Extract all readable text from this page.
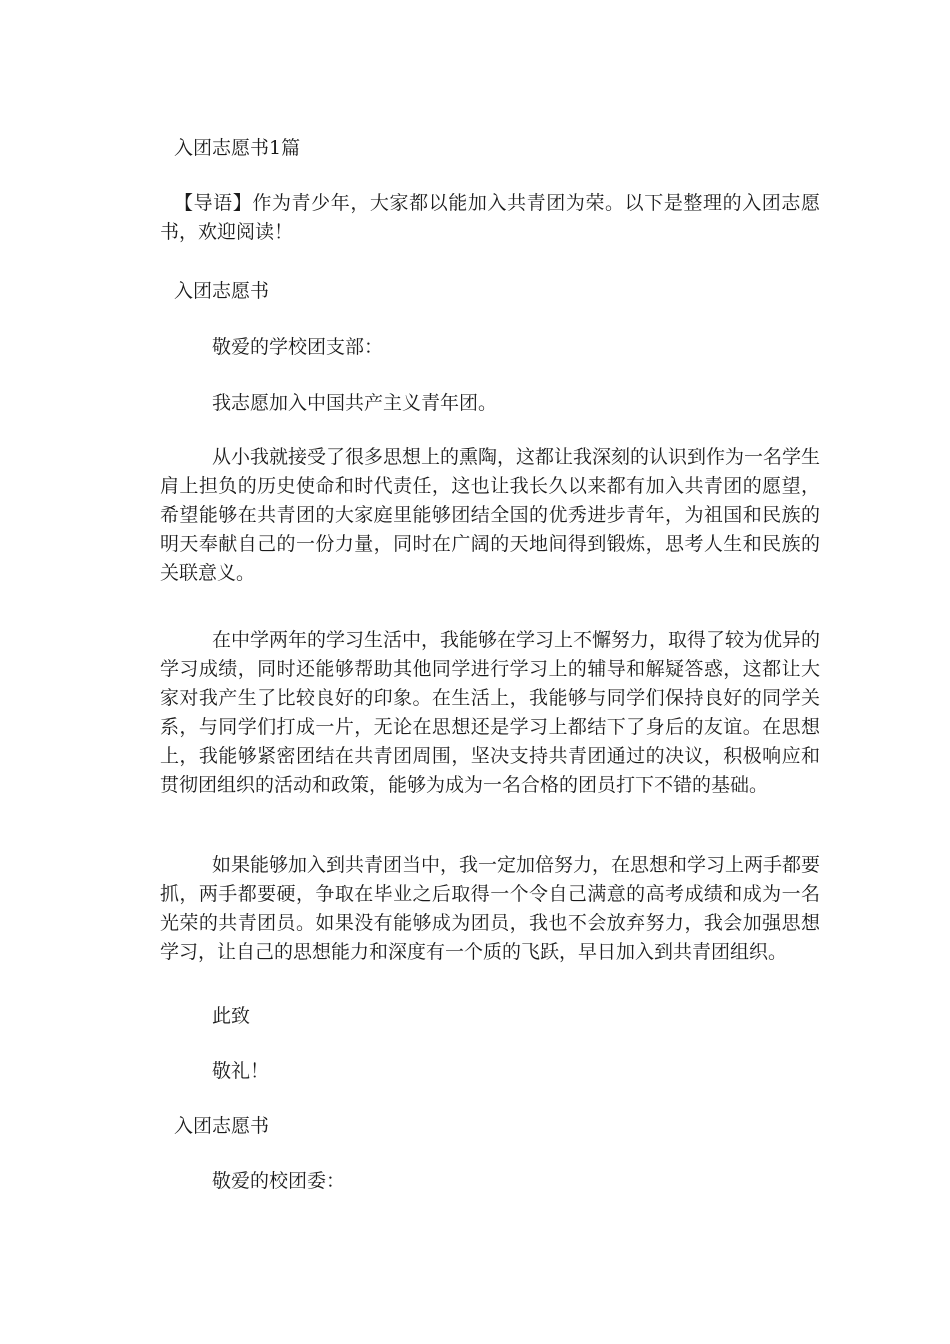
入团志愿书1篇
【导语】作为青少年，大家都以能加入共青团为荣。以下是整理的入团志愿书，欢迎阅读！
入团志愿书
敬爱的学校团支部：
我志愿加入中国共产主义青年团。
从小我就接受了很多思想上的熏陶，这都让我深刻的认识到作为一名学生肩上担负的历史使命和时代责任，这也让我长久以来都有加入共青团的愿望，希望能够在共青团的大家庭里能够团结全国的优秀进步青年，为祖国和民族的明天奉献自己的一份力量，同时在广阔的天地间得到锻炼，思考人生和民族的关联意义。
在中学两年的学习生活中，我能够在学习上不懈努力，取得了较为优异的学习成绩，同时还能够帮助其他同学进行学习上的辅导和解疑答惑，这都让大家对我产生了比较良好的印象。在生活上，我能够与同学们保持良好的同学关系，与同学们打成一片，无论在思想还是学习上都结下了身后的友谊。在思想上，我能够紧密团结在共青团周围，坚决支持共青团通过的决议，积极响应和贯彻团组织的活动和政策，能够为成为一名合格的团员打下不错的基础。
如果能够加入到共青团当中，我一定加倍努力，在思想和学习上两手都要抓，两手都要硬，争取在毕业之后取得一个令自己满意的高考成绩和成为一名光荣的共青团员。如果没有能够成为团员，我也不会放弃努力，我会加强思想学习，让自己的思想能力和深度有一个质的飞跃，早日加入到共青团组织。
此致
敬礼！
入团志愿书
敬爱的校团委：
